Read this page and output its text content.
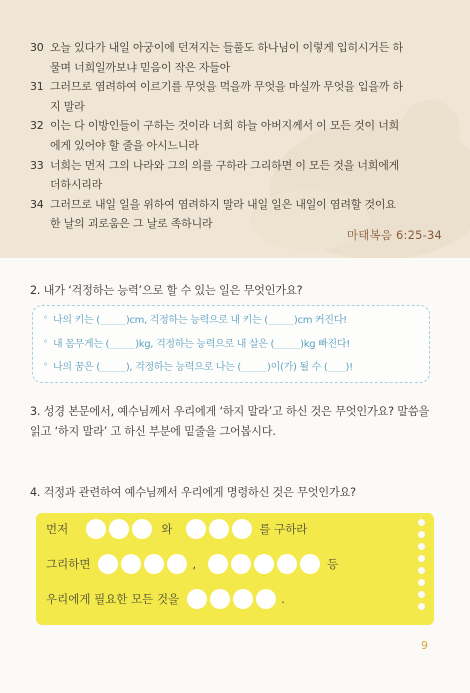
30 오늘 있다가 내일 아궁이에 던져지는 들풀도 하나님이 이렇게 입히시거든 하
물며 너희일까보냐 믿음이 작은 자들아
31 그러므로 염려하여 이르기를 무엇을 먹을까 무엇을 마실까 무엇을 입을까 하
지 말라
32 이는 다 이방인들이 구하는 것이라 너희 하늘 아버지께서 이 모든 것이 너희
에게 있어야 할 줄을 아시느니라
33 너희는 먼저 그의 나라와 그의 의를 구하라 그리하면 이 모든 것을 너희에게
더하시리라
34 그러므로 내일 일을 위하여 염려하지 말라 내일 일은 내일이 염려할 것이요
한 날의 괴로움은 그 날로 족하니라
마태복음 6:25-34
2. 내가 ‘걱정하는 능력’으로 할 수 있는 일은 무엇인가요?
° 나의 키는 (	)cm, 걱정하는 능력으로 내 키는 (	)cm 커진다!
° 내 몸무게는 (	)kg, 걱정하는 능력으로 내 살은 (	)kg 빠진다!
° 나의 꿈은 (	), 걱정하는 능력으로 나는 (	)이(가) 될 수 ( )!
3. 성경 본문에서, 예수님께서 우리에게 ‘하지 말라’고 하신 것은 무엇인가요? 말씀을 읽고 ‘하지 말라’ 고 하신 부분에 밑줄을 그어봅시다.
4. 걱정과 관련하여 예수님께서 우리에게 명령하신 것은 무엇인가요?
먼저	와	를 구하라
그리하면	,	등
우리에게 필요한 모든 것을	.
9
